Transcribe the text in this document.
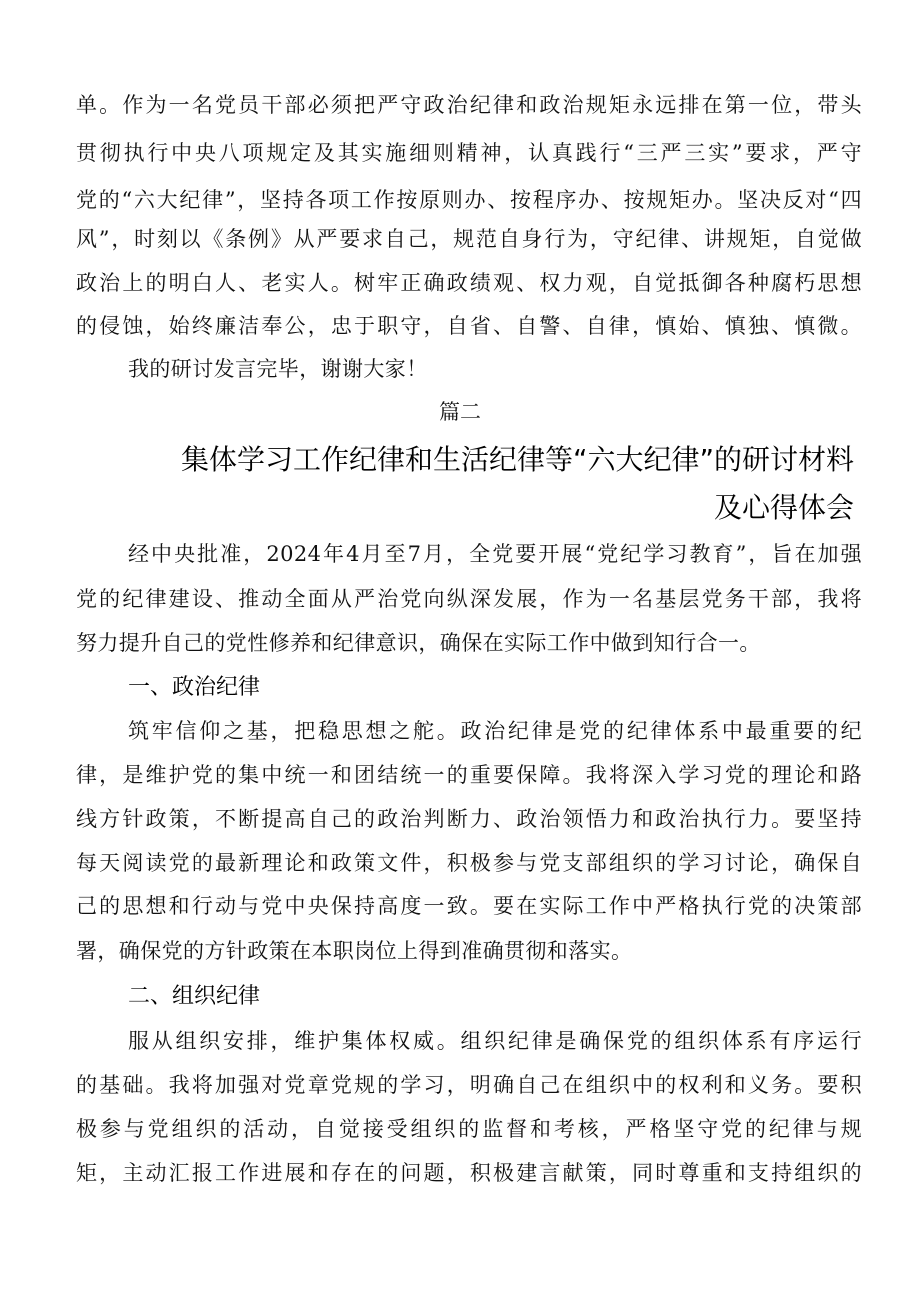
单。作为一名党员干部必须把严守政治纪律和政治规矩永远排在第一位，带头
贯彻执行中央八项规定及其实施细则精神，认真践行“三严三实”要求，严守
党的“六大纪律”，坚持各项工作按原则办、按程序办、按规矩办。坚决反对“四
风”，时刻以《条例》从严要求自己，规范自身行为，守纪律、讲规矩，自觉做
政治上的明白人、老实人。树牢正确政绩观、权力观，自觉抵御各种腐朽思想
的侵蚀，始终廉洁奉公，忠于职守，自省、自警、自律，慎始、慎独、慎微。
我的研讨发言完毕，谢谢大家！
篇二
集体学习工作纪律和生活纪律等“六大纪律”的研讨材料
及心得体会
经中央批准，2024年4月至7月，全党要开展“党纪学习教育”，旨在加强
党的纪律建设、推动全面从严治党向纵深发展，作为一名基层党务干部，我将
努力提升自己的党性修养和纪律意识，确保在实际工作中做到知行合一。
一、政治纪律
筑牢信仰之基，把稳思想之舵。政治纪律是党的纪律体系中最重要的纪
律，是维护党的集中统一和团结统一的重要保障。我将深入学习党的理论和路
线方针政策，不断提高自己的政治判断力、政治领悟力和政治执行力。要坚持
每天阅读党的最新理论和政策文件，积极参与党支部组织的学习讨论，确保自
己的思想和行动与党中央保持高度一致。要在实际工作中严格执行党的决策部
署，确保党的方针政策在本职岗位上得到准确贯彻和落实。
二、组织纪律
服从组织安排，维护集体权威。组织纪律是确保党的组织体系有序运行
的基础。我将加强对党章党规的学习，明确自己在组织中的权利和义务。要积
极参与党组织的活动，自觉接受组织的监督和考核，严格坚守党的纪律与规
矩，主动汇报工作进展和存在的问题，积极建言献策，同时尊重和支持组织的
